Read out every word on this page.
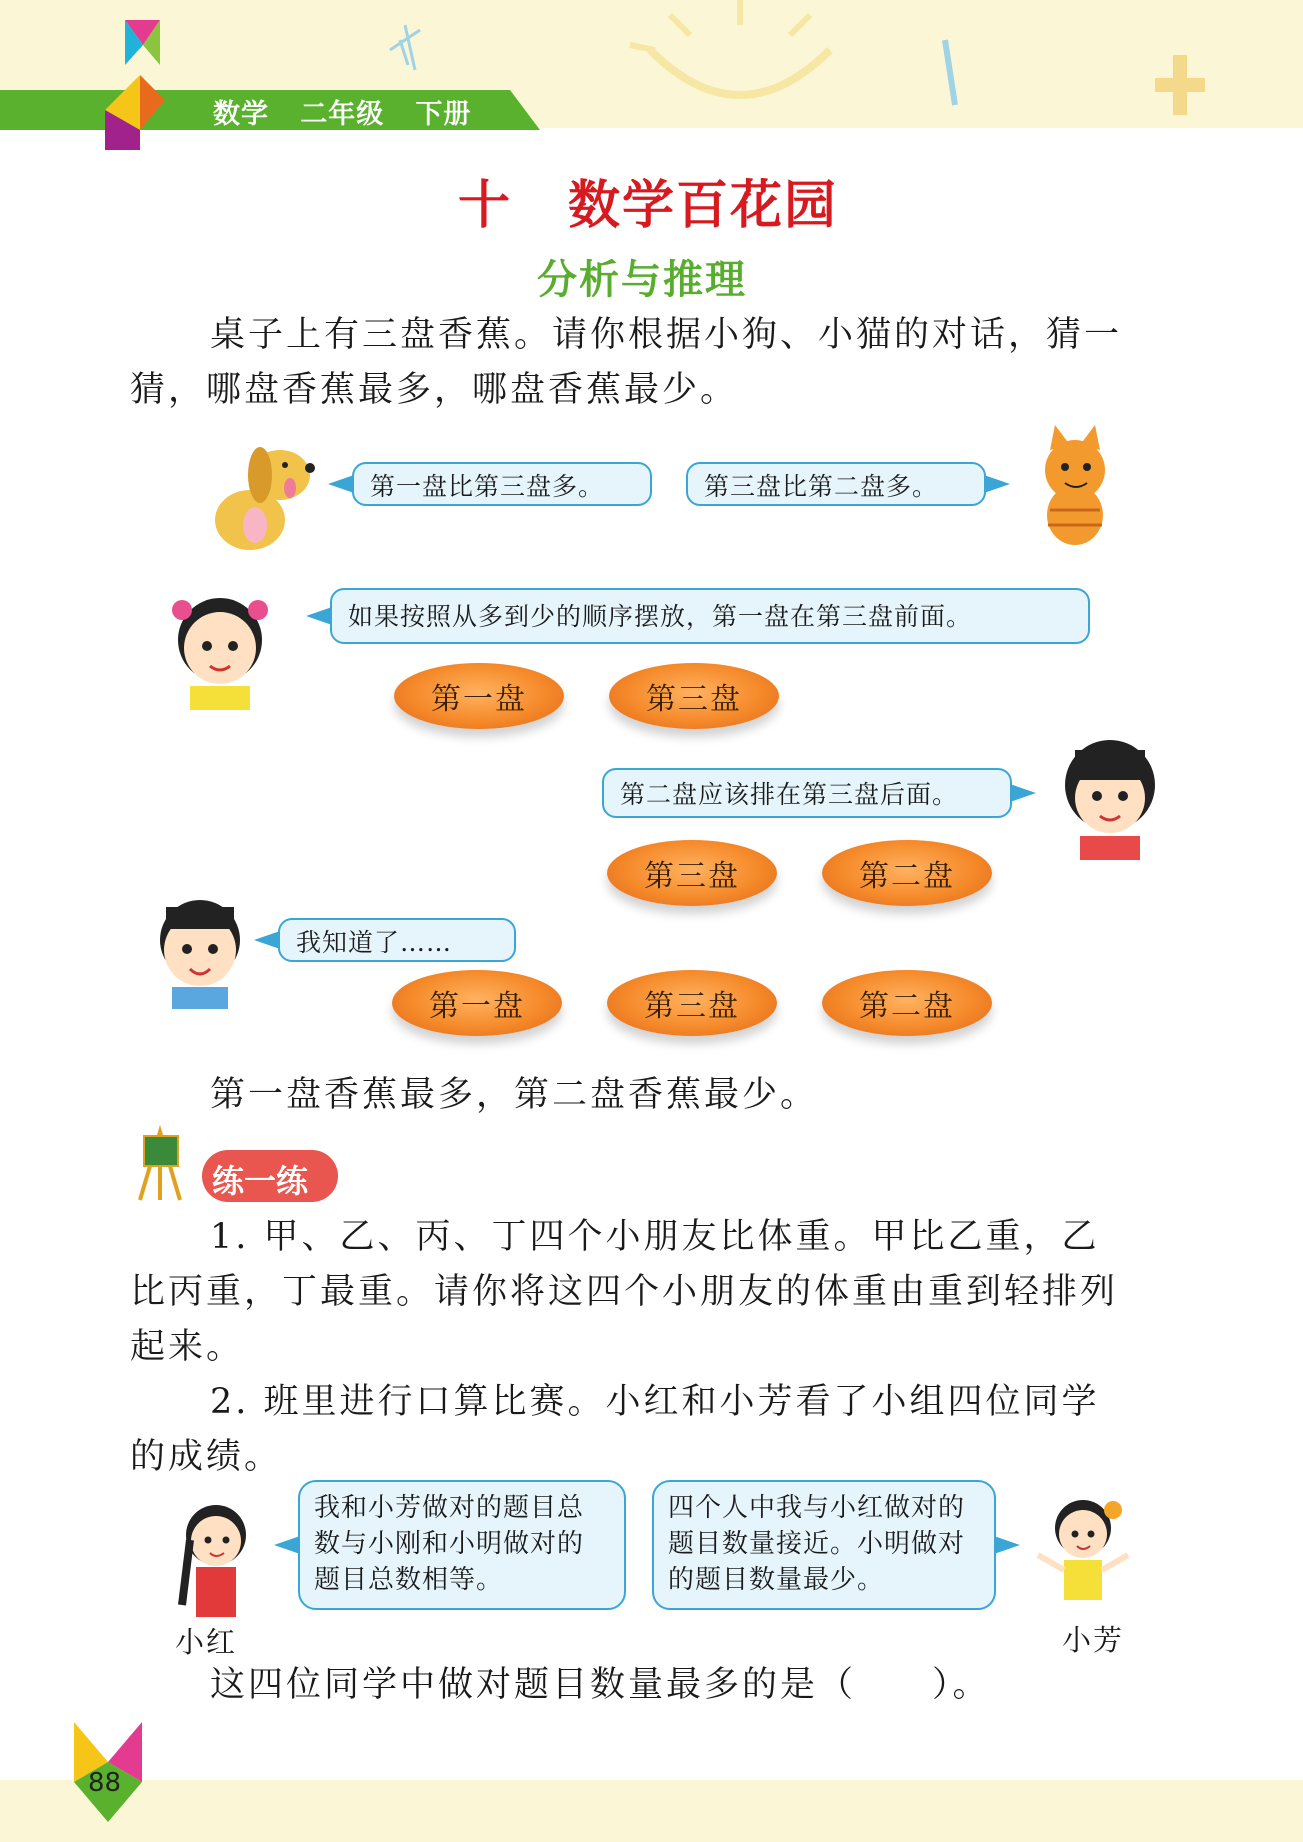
数学   二年级   下册
十 数学百花园
分析与推理
桌子上有三盘香蕉。请你根据小狗、小猫的对话，猜一
猜，哪盘香蕉最多，哪盘香蕉最少。
第一盘比第三盘多。	第三盘比第二盘多。
如果按照从多到少的顺序摆放，第一盘在第三盘前面。
第一盘	第三盘
第二盘应该排在第三盘后面。
第三盘	第二盘
我知道了……
第一盘	第三盘	第二盘
第一盘香蕉最多，第二盘香蕉最少。
练一练
1. 甲、乙、丙、丁四个小朋友比体重。甲比乙重，乙
比丙重，丁最重。请你将这四个小朋友的体重由重到轻排列
起来。
2. 班里进行口算比赛。小红和小芳看了小组四位同学
的成绩。
小红
我和小芳做对的题目总数与小刚和小明做对的题目总数相等。
四个人中我与小红做对的题目数量接近。小明做对的题目数量最少。
小芳
这四位同学中做对题目数量最多的是（　　）。
88
